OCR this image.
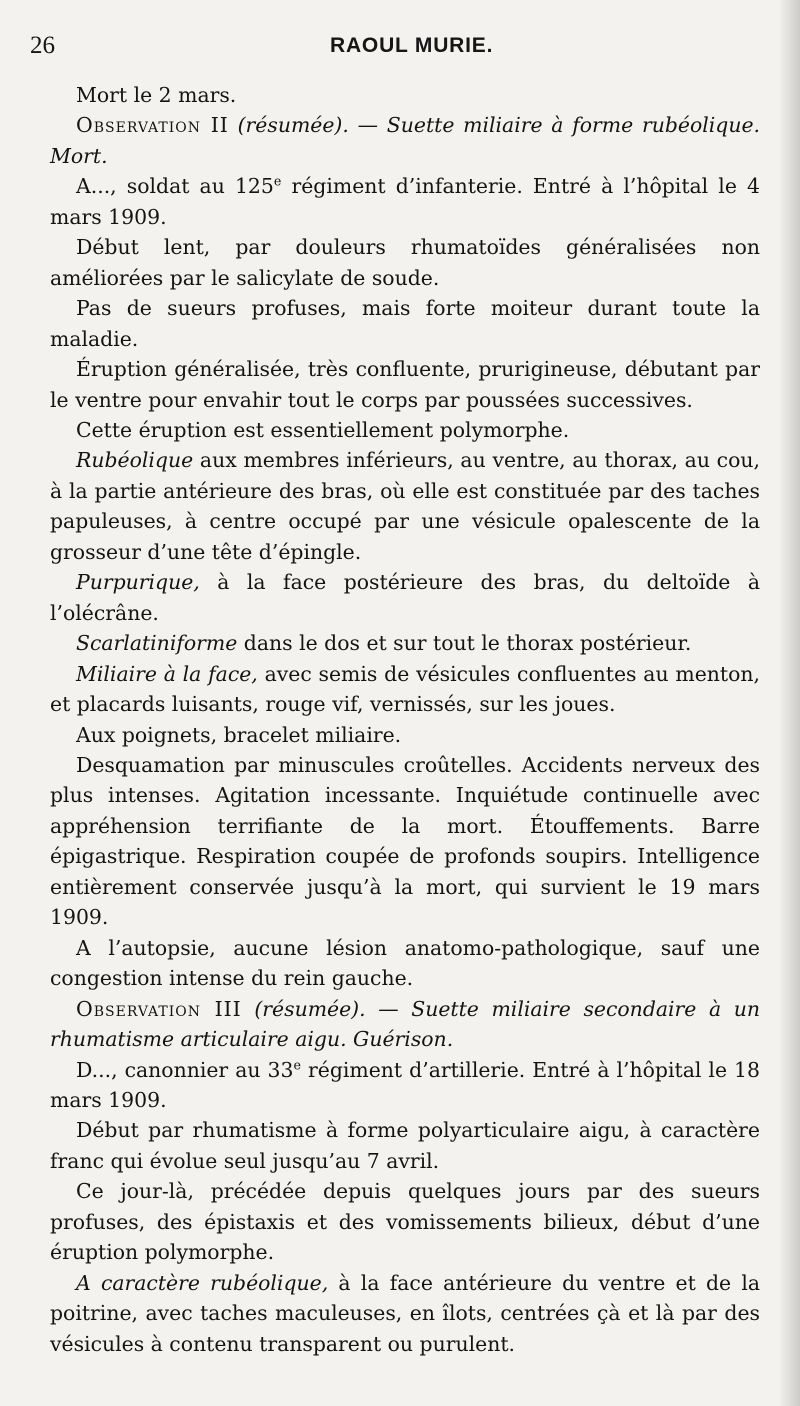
26	RAOUL MURIE.

Mort le 2 mars.

Observation II (résumée). — Suette miliaire à forme rubéolique. Mort.

A..., soldat au 125e régiment d’infanterie. Entré à l’hôpital le 4 mars 1909.

Début lent, par douleurs rhumatoïdes généralisées non améliorées par le salicylate de soude.

Pas de sueurs profuses, mais forte moiteur durant toute la maladie.

Éruption généralisée, très confluente, prurigineuse, débutant par le ventre pour envahir tout le corps par poussées successives.

Cette éruption est essentiellement polymorphe.

Rubéolique aux membres inférieurs, au ventre, au thorax, au cou, à la partie antérieure des bras, où elle est constituée par des taches papuleuses, à centre occupé par une vésicule opalescente de la grosseur d’une tête d’épingle.

Purpurique, à la face postérieure des bras, du deltoïde à l’olécrâne.

Scarlatiniforme dans le dos et sur tout le thorax postérieur.

Miliaire à la face, avec semis de vésicules confluentes au menton, et placards luisants, rouge vif, vernissés, sur les joues.

Aux poignets, bracelet miliaire.

Desquamation par minuscules croûtelles. Accidents nerveux des plus intenses. Agitation incessante. Inquiétude continuelle avec appréhension terrifiante de la mort. Étouffements. Barre épigastrique. Respiration coupée de profonds soupirs. Intelligence entièrement conservée jusqu’à la mort, qui survient le 19 mars 1909.

A l’autopsie, aucune lésion anatomo-pathologique, sauf une congestion intense du rein gauche.

Observation III (résumée). — Suette miliaire secondaire à un rhumatisme articulaire aigu. Guérison.

D..., canonnier au 33e régiment d’artillerie. Entré à l’hôpital le 18 mars 1909.

Début par rhumatisme à forme polyarticulaire aigu, à caractère franc qui évolue seul jusqu’au 7 avril.

Ce jour-là, précédée depuis quelques jours par des sueurs profuses, des épistaxis et des vomissements bilieux, début d’une éruption polymorphe.

A caractère rubéolique, à la face antérieure du ventre et de la poitrine, avec taches maculeuses, en îlots, centrées çà et là par des vésicules à contenu transparent ou purulent.
